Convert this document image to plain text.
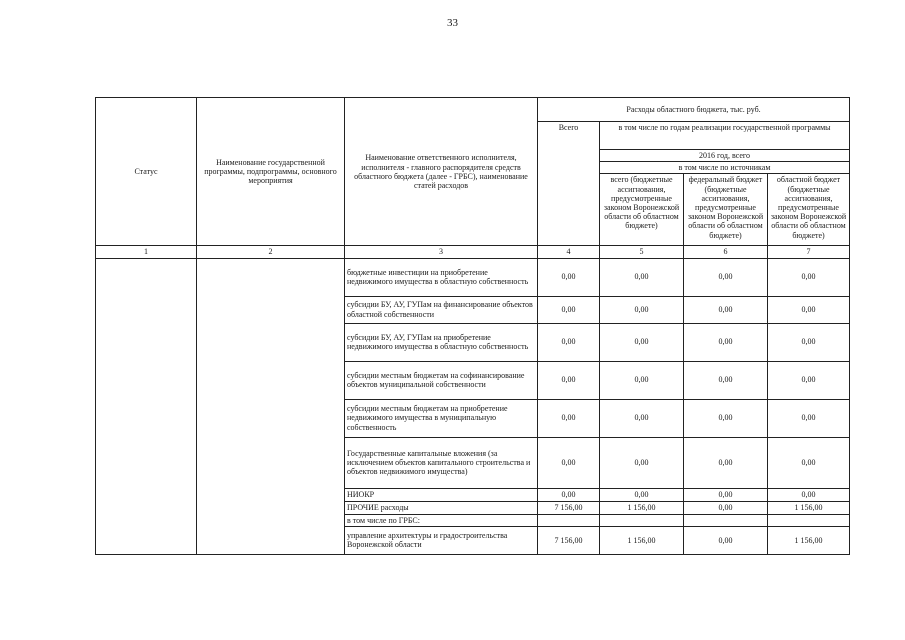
33
Статус	Наименование государственной программы, подпрограммы, основного мероприятия	Наименование ответственного исполнителя, исполнителя - главного распорядителя средств областного бюджета (далее - ГРБС), наименование статей расходов	Расходы областного бюджета, тыс. руб.			
			Всего	в том числе по годам реализации государственной программы		
				2016 год, всего		
				в том числе по источникам		
				всего (бюджетные ассигнования, предусмотренные законом Воронежской области об областном бюджете)	федеральный бюджет (бюджетные ассигнования, предусмотренные законом Воронежской области об областном бюджете)	областной бюджет (бюджетные ассигнования, предусмотренные законом Воронежской области об областном бюджете)
1	2	3	4	5	6	7
		бюджетные инвестиции на приобретение недвижимого имущества в областную собственность	0,00	0,00	0,00	0,00
		субсидии БУ, АУ, ГУПам на финансирование объектов областной собственности	0,00	0,00	0,00	0,00
		субсидии БУ, АУ, ГУПам на приобретение недвижимого имущества в областную собственность	0,00	0,00	0,00	0,00
		субсидии местным бюджетам на софинансирование объектов муниципальной собственности	0,00	0,00	0,00	0,00
		субсидии местным бюджетам на приобретение недвижимого имущества в муниципальную собственность	0,00	0,00	0,00	0,00
		Государственные капитальные вложения (за исключением объектов капитального строительства и объектов недвижимого имущества)	0,00	0,00	0,00	0,00
		НИОКР	0,00	0,00	0,00	0,00
		ПРОЧИЕ расходы	7 156,00	1 156,00	0,00	1 156,00
		в том числе по ГРБС:				
		управление архитектуры и градостроительства Воронежской области	7 156,00	1 156,00	0,00	1 156,00
